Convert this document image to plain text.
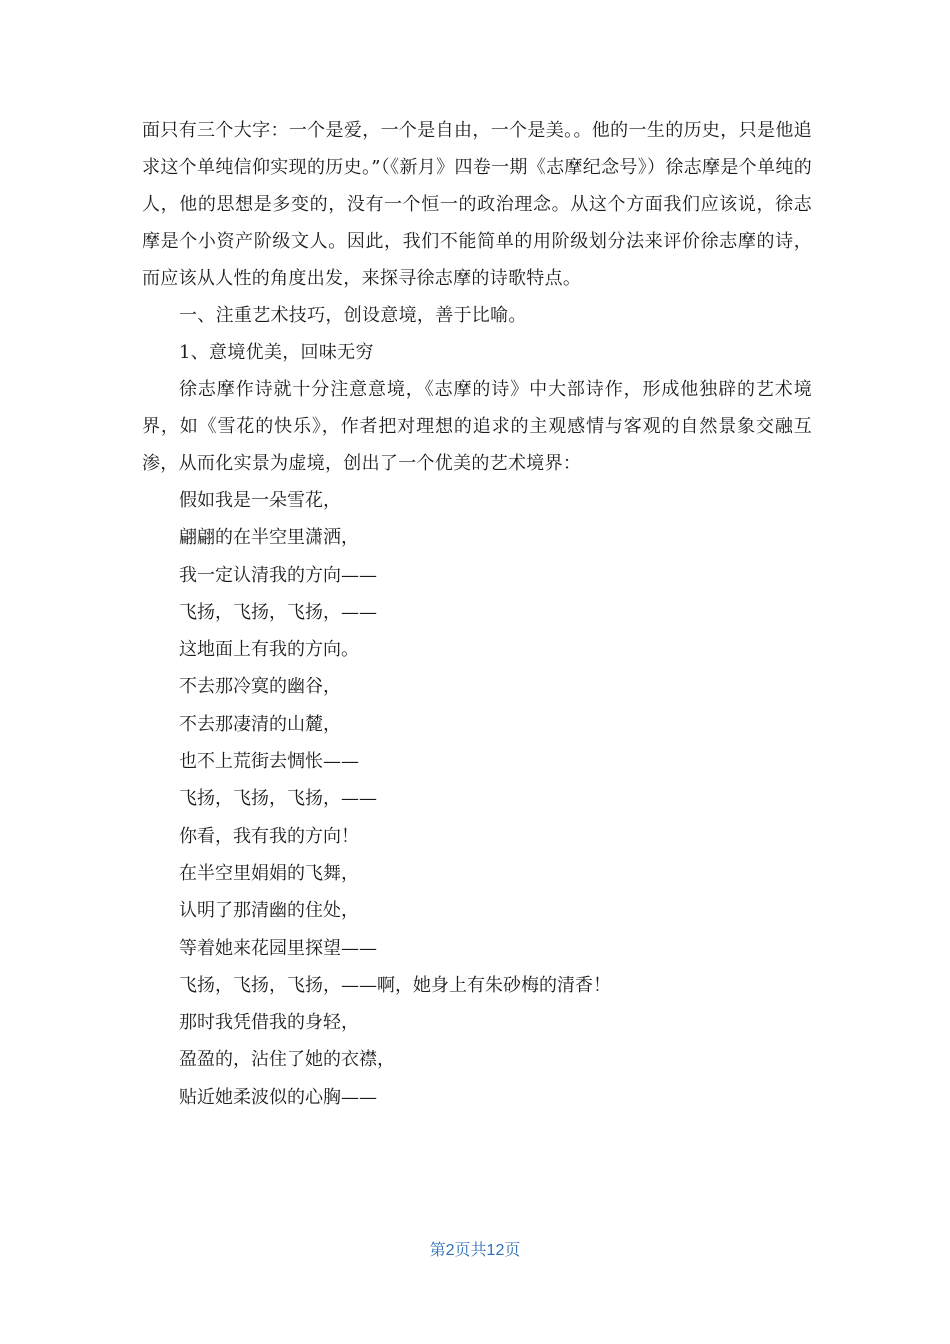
面只有三个大字：一个是爱，一个是自由，一个是美。。他的一生的历史，只是他追求这个单纯信仰实现的历史。”（《新月》四卷一期《志摩纪念号》）徐志摩是个单纯的人，他的思想是多变的，没有一个恒一的政治理念。从这个方面我们应该说，徐志摩是个小资产阶级文人。因此，我们不能简单的用阶级划分法来评价徐志摩的诗，而应该从人性的角度出发，来探寻徐志摩的诗歌特点。

一、注重艺术技巧，创设意境，善于比喻。

1、意境优美，回味无穷

徐志摩作诗就十分注意意境，《志摩的诗》中大部诗作，形成他独辟的艺术境界，如《雪花的快乐》，作者把对理想的追求的主观感情与客观的自然景象交融互渗，从而化实景为虚境，创出了一个优美的艺术境界：

假如我是一朵雪花，
翩翩的在半空里潇洒，
我一定认清我的方向——
飞扬，飞扬，飞扬，——
这地面上有我的方向。
不去那冷寞的幽谷，
不去那凄清的山麓，
也不上荒街去惆怅——
飞扬，飞扬，飞扬，——
你看，我有我的方向！
在半空里娟娟的飞舞，
认明了那清幽的住处，
等着她来花园里探望——
飞扬，飞扬，飞扬，——啊，她身上有朱砂梅的清香！
那时我凭借我的身轻，
盈盈的，沾住了她的衣襟，
贴近她柔波似的心胸——
第2页共12页
